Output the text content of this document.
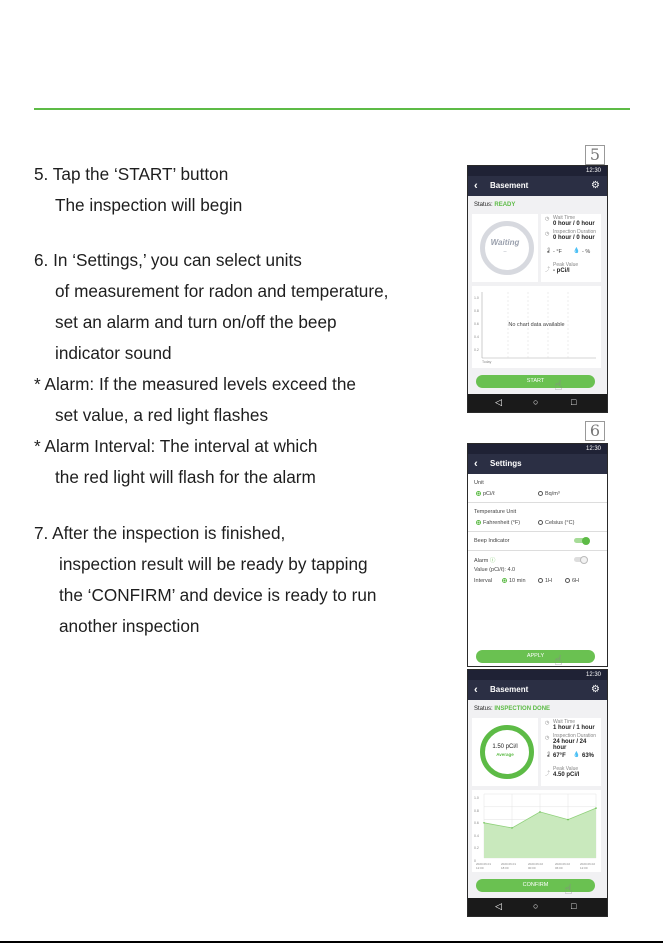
5. Tap the ‘START’ button
The inspection will begin
6. In ‘Settings,’ you can select units
of measurement for radon and temperature,
set an alarm and turn on/off the beep
indicator sound
* Alarm: If the measured levels exceed the
set value, a red light flashes
* Alarm Interval: The interval at which
the red light will flash for the alarm
7. After the inspection is finished,
inspection result will be ready by tapping
the ‘CONFIRM’ and device is ready to run
another inspection
5
6
12:30
‹ Basement	⚙
Status: READY
Waiting
--
◷ Wait Time
0 hour / 0 hour
◷ Inspection Duration
0 hour / 0 hour
🌡 - °F 💧 - %
⤴
Peak Value
- pCi/l
1.0
0.8
0.6
0.4
0.2
Today
No chart data available
START ☝
◁	○	□
12:30
‹ Settings
Unit
pCi/ℓ	Bq/m³
Temperature Unit
Fahrenheit (°F)	Celsius (°C)
Beep Indicator
Alarm ⓘ
Value (pCi/ℓ): 4.0
Interval	10 min	1H	6H
APPLY ☝
12:30
‹ Basement	⚙
Status: INSPECTION DONE
1.50 pCi/l
Average
◷ Wait Time
1 hour / 1 hour
◷ Inspection Duration
24 hour / 24 hour
🌡 67°F 💧 63%
⤴
Peak Value
4.50 pCi/l
1.0
0.8
0.6
0.4
0.2
0
2020.06.01 12:00
2020.06.01 18:00
2020.06.02 00:00
2020.06.02 06:00
2020.06.02 12:00
CONFIRM	☝
◁	○	□
